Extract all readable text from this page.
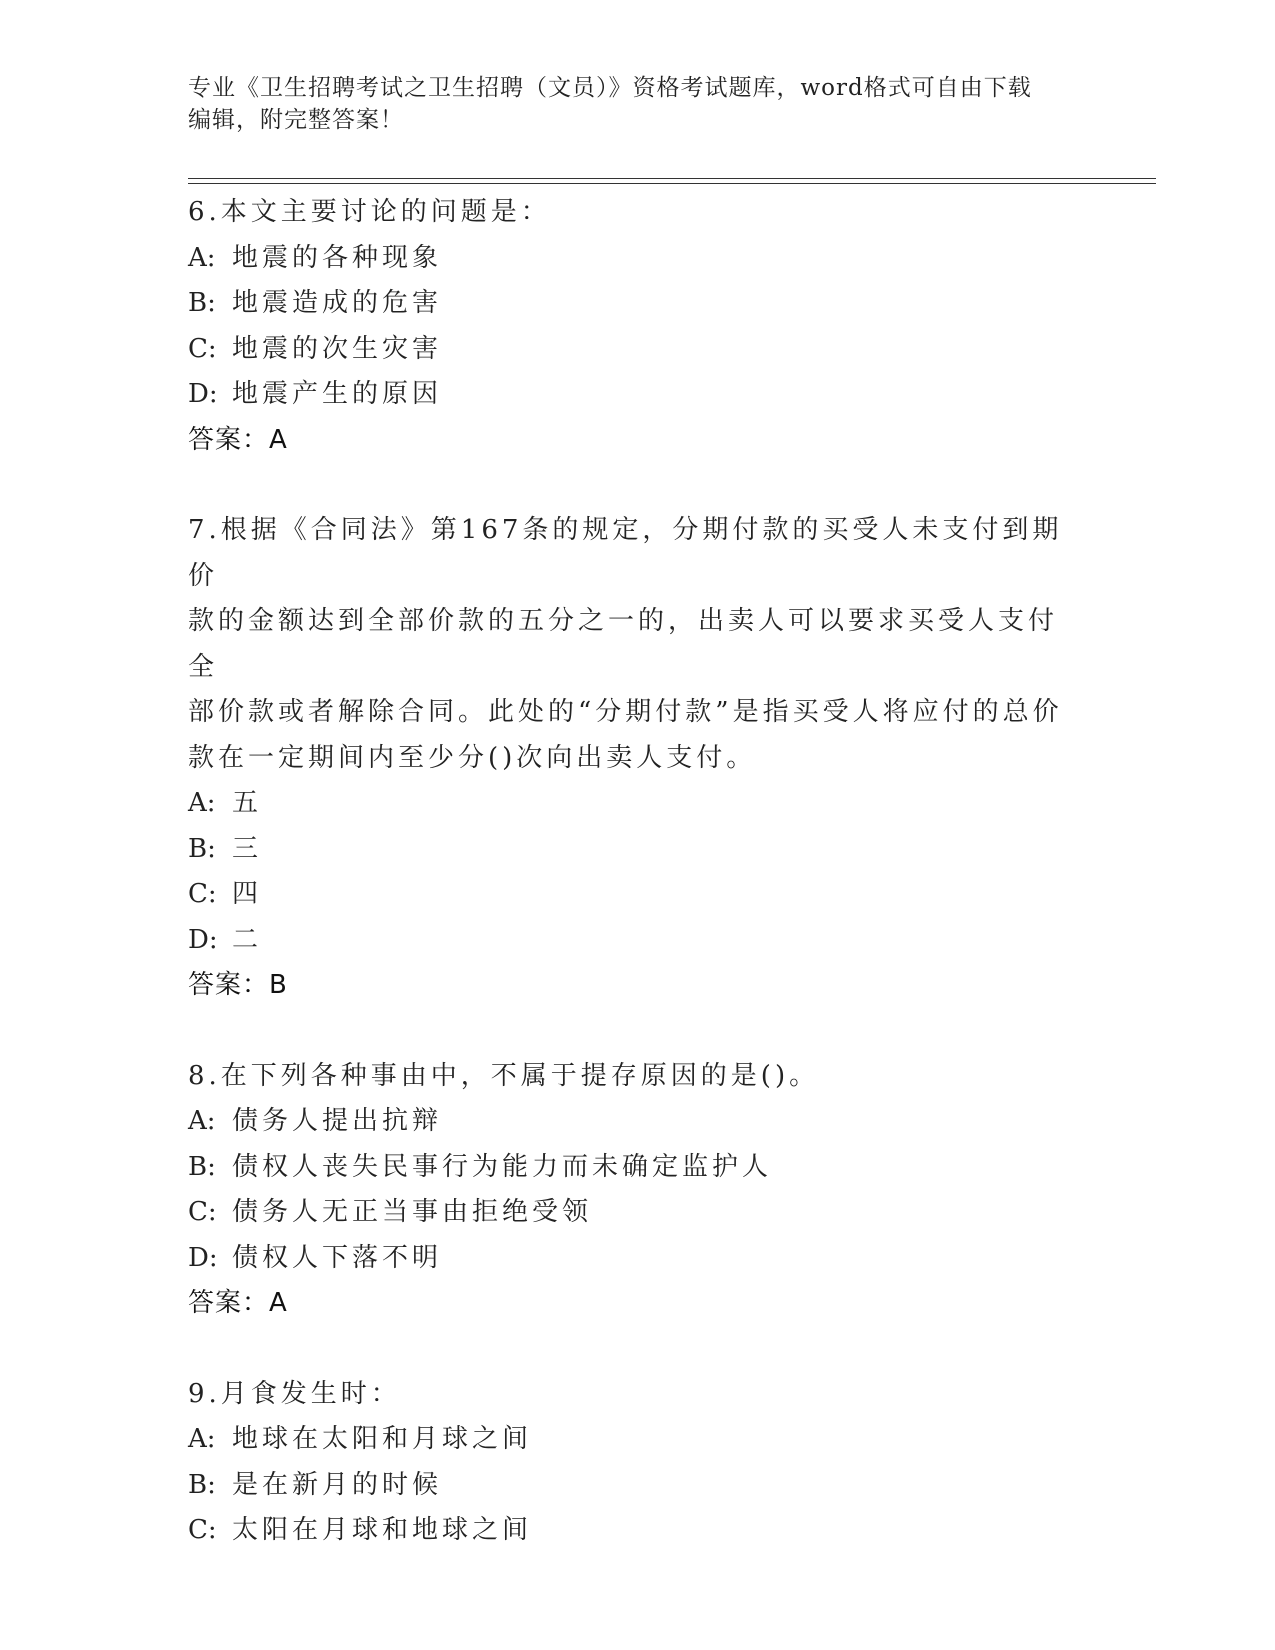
专业《卫生招聘考试之卫生招聘（文员）》资格考试题库，word格式可自由下载
编辑，附完整答案！

6.本文主要讨论的问题是：

A: 地震的各种现象

B: 地震造成的危害

C: 地震的次生灾害

D: 地震产生的原因

答案：A

7.根据《合同法》第167条的规定，分期付款的买受人未支付到期价

款的金额达到全部价款的五分之一的，出卖人可以要求买受人支付全

部价款或者解除合同。此处的“分期付款”是指买受人将应付的总价

款在一定期间内至少分()次向出卖人支付。

A: 五

B: 三

C: 四

D: 二

答案：B

8.在下列各种事由中，不属于提存原因的是()。

A: 债务人提出抗辩

B: 债权人丧失民事行为能力而未确定监护人

C: 债务人无正当事由拒绝受领

D: 债权人下落不明

答案：A

9.月食发生时：

A: 地球在太阳和月球之间

B: 是在新月的时候

C: 太阳在月球和地球之间
